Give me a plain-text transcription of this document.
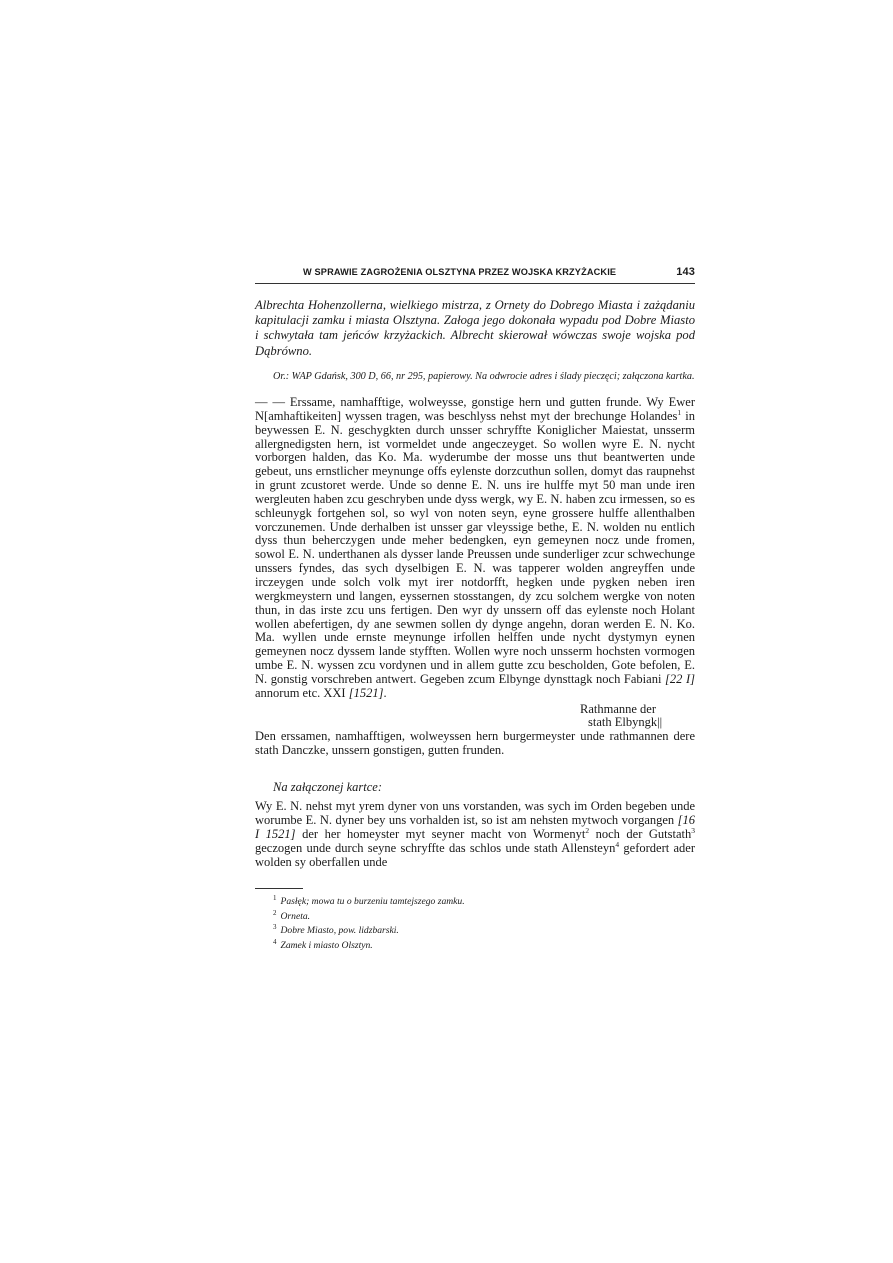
W SPRAWIE ZAGROŻENIA OLSZTYNA PRZEZ WOJSKA KRZYŻACKIE	143

Albrechta Hohenzollerna, wielkiego mistrza, z Ornety do Dobrego Miasta i zażądaniu kapitulacji zamku i miasta Olsztyna. Załoga jego dokonała wypadu pod Dobre Miasto i schwytała tam jeńców krzyżackich. Albrecht skierował wówczas swoje wojska pod Dąbrówno.

Or.: WAP Gdańsk, 300 D, 66, nr 295, papierowy. Na odwrocie adres i ślady pieczęci; załączona kartka.

— — Erssame, namhafftige, wolweysse, gonstige hern und gutten frunde. Wy Ewer N[amhaftikeiten] wyssen tragen, was beschlyss nehst myt der brechunge Holandes$^1$ in beywessen E. N. geschygkten durch unsser schryffte Koniglicher Maiestat, unsserm allergnedigsten hern, ist vormeldet unde angeczeyget. So wollen wyre E. N. nycht vorborgen halden, das Ko. Ma. wyderumbe der mosse uns thut beantwerten unde gebeut, uns ernstlicher meynunge offs eylenste dorzcuthun sollen, domyt das raupnehst in grunt zcustoret werde. Unde so denne E. N. uns ire hulffe myt 50 man unde iren wergleuten haben zcu geschryben unde dyss wergk, wy E. N. haben zcu irmessen, so es schleunygk fortgehen sol, so wyl von noten seyn, eyne grossere hulffe allenthalben vorczunemen. Unde derhalben ist unsser gar vleyssige bethe, E. N. wolden nu entlich dyss thun beherczygen unde meher bedengken, eyn gemeynen nocz unde fromen, sowol E. N. underthanen als dysser lande Preussen unde sunderliger zcur schwechunge unssers fyndes, das sych dyselbigen E. N. was tapperer wolden angreyffen unde irczeygen unde solch volk myt irer notdorfft, hegken unde pygken neben iren wergkmeystern und langen, eyssernen stosstangen, dy zcu solchem wergke von noten thun, in das irste zcu uns fertigen. Den wyr dy unssern off das eylenste noch Holant wollen abefertigen, dy ane sewmen sollen dy dynge angehn, doran werden E. N. Ko. Ma. wyllen unde ernste meynunge irfollen helffen unde nycht dystymyn eynen gemeynen nocz dyssem lande styfften. Wollen wyre noch unsserm hochsten vormogen umbe E. N. wyssen zcu vordynen und in allem gutte zcu bescholden, Gote befolen, E. N. gonstig vorschreben antwert. Gegeben zcum Elbynge dynsttagk noch Fabiani [22 I] annorum etc. XXI [1521].

Rathmanne der
stath Elbyngk||

Den erssamen, namhafftigen, wolweyssen hern burgermeyster unde rathmannen dere stath Danczke, unssern gonstigen, gutten frunden.

Na załączonej kartce:

Wy E. N. nehst myt yrem dyner von uns vorstanden, was sych im Orden begeben unde worumbe E. N. dyner bey uns vorhalden ist, so ist am nehsten mytwoch vorgangen [16 I 1521] der her homeyster myt seyner macht von Wormenyt$^2$ noch der Gutstath$^3$ geczogen unde durch seyne schryffte das schlos unde stath Allensteyn$^4$ gefordert ader wolden sy oberfallen unde

$^1$ Pasłęk; mowa tu o burzeniu tamtejszego zamku.
$^2$ Orneta.
$^3$ Dobre Miasto, pow. lidzbarski.
$^4$ Zamek i miasto Olsztyn.
